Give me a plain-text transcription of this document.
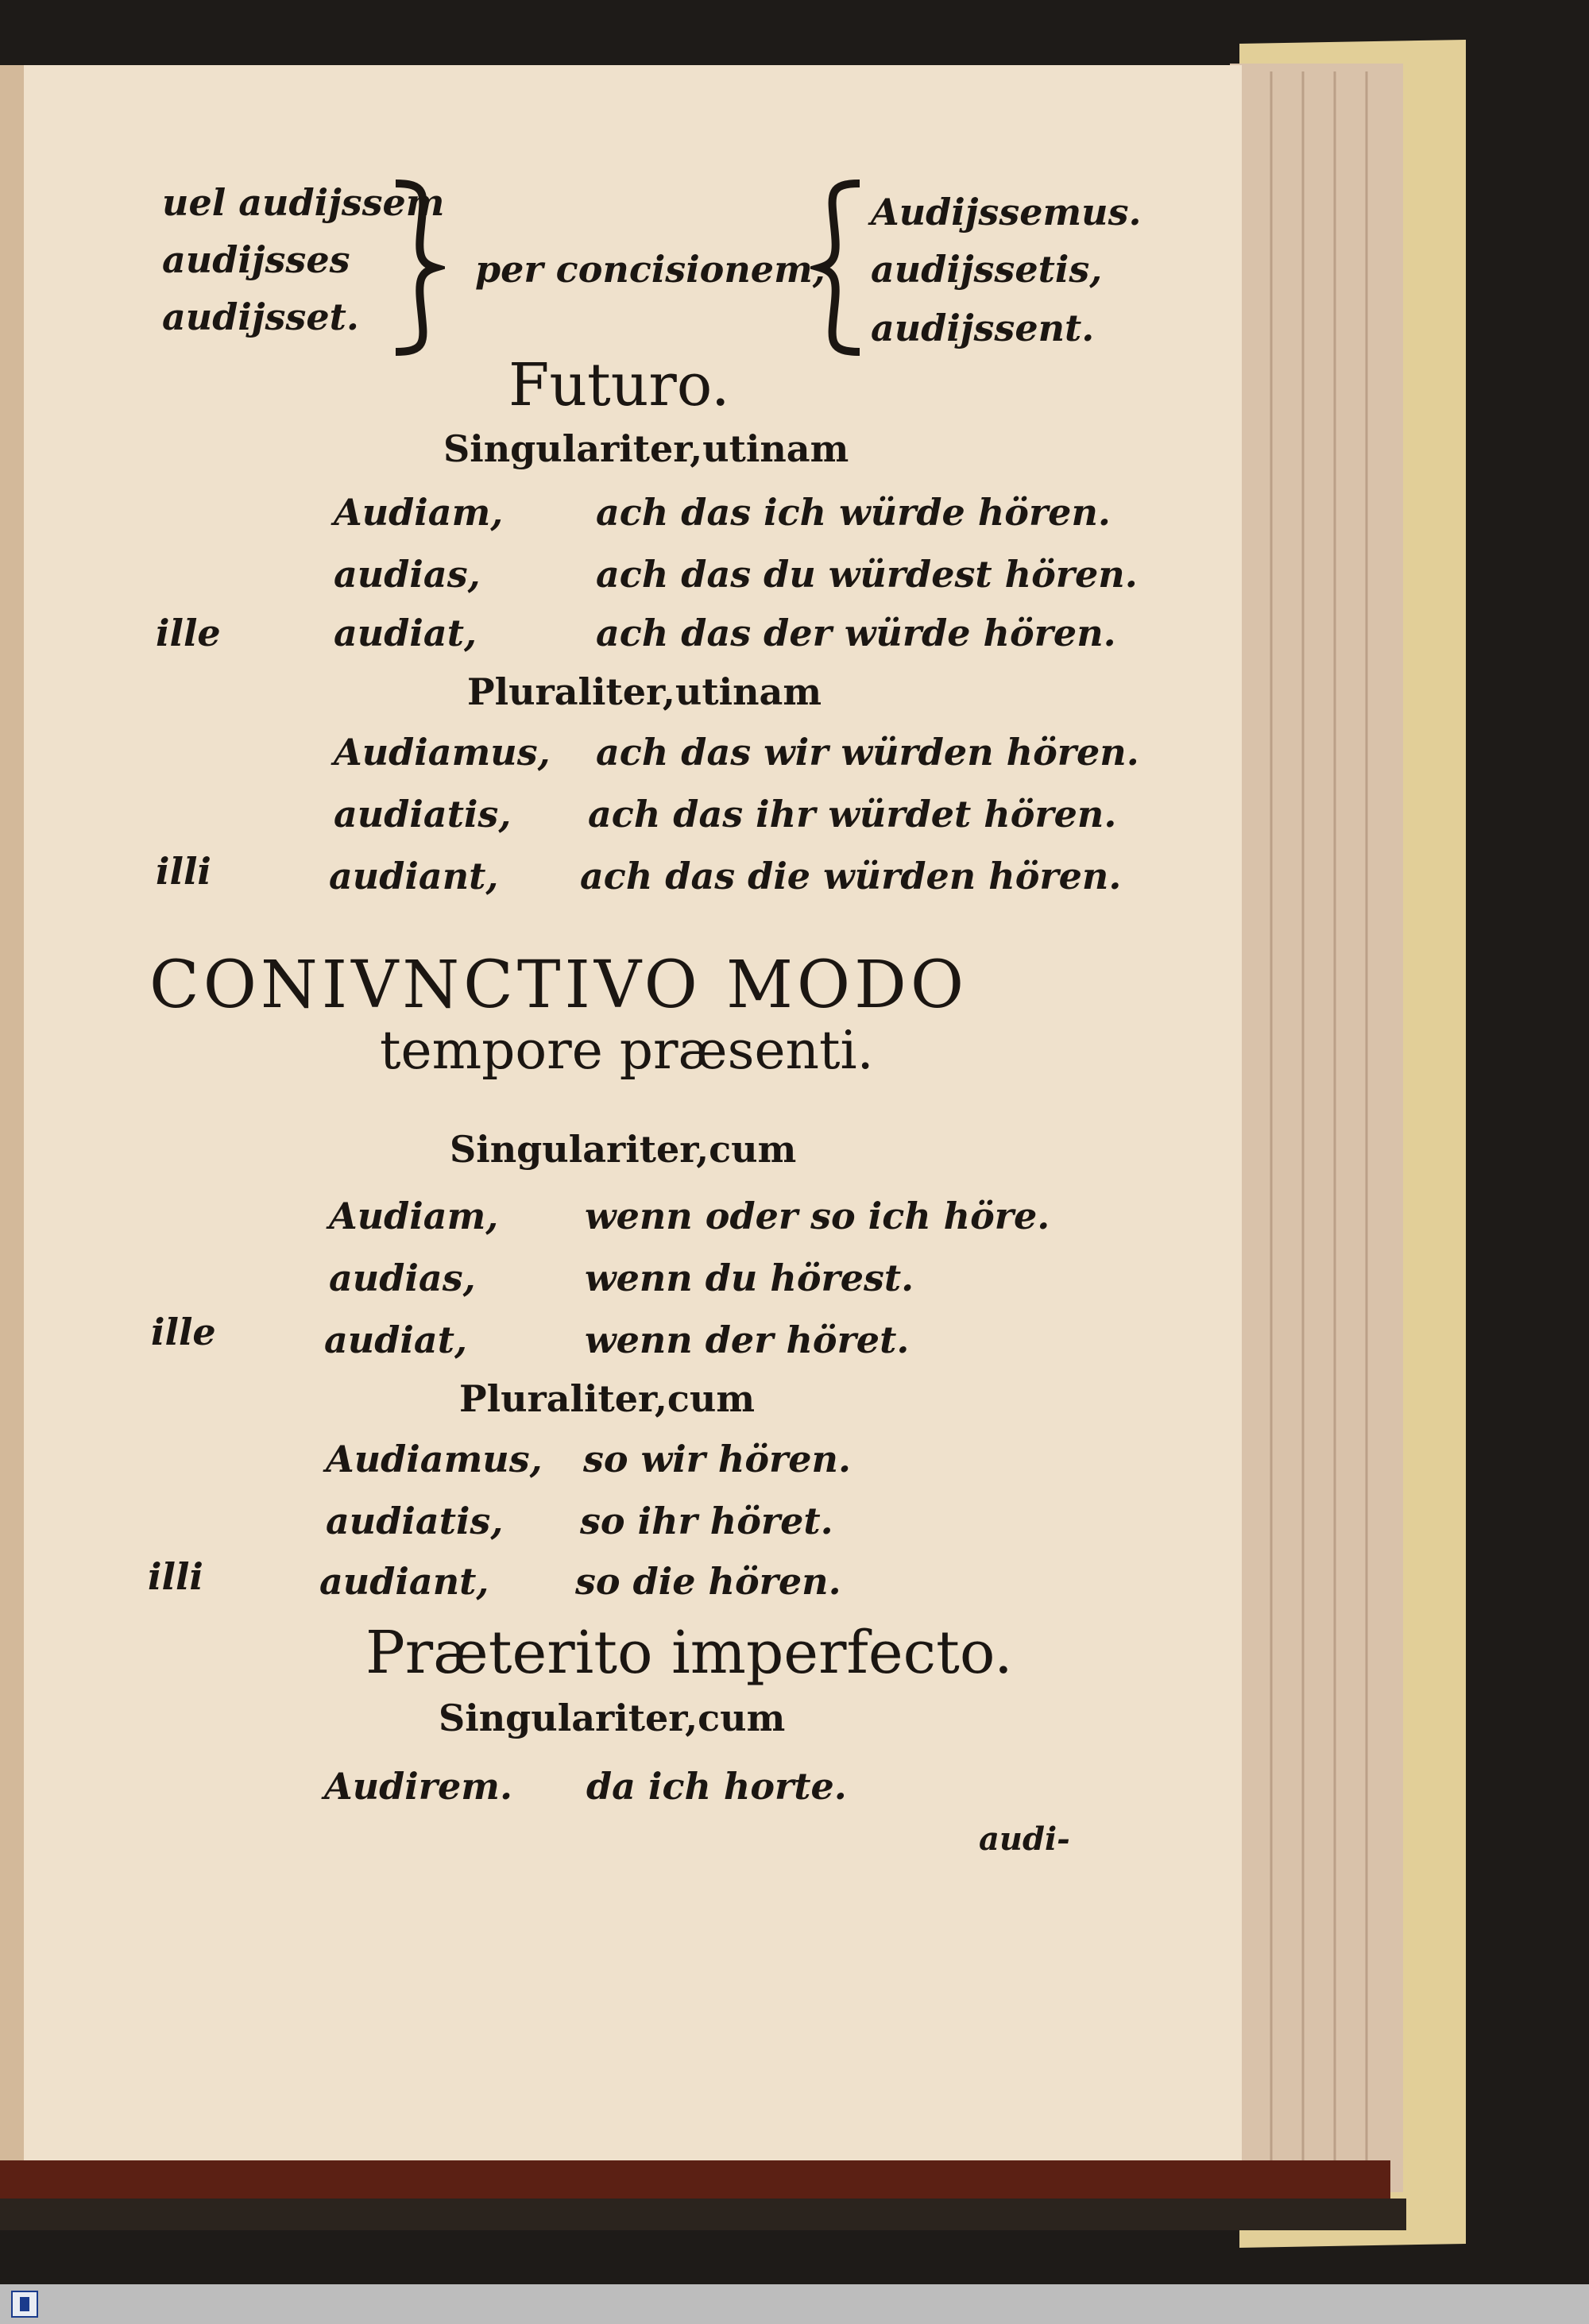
uel audijssem
audijsses
audijsset.
per concisionem,
Audijssemus.
audijssetis,
audijssent.
Futuro.
Singulariter,utinam
Audiam,	ach das ich würde hören.
audias,	ach das du würdest hören.
ille	audiat,	ach das der würde hören.
Pluraliter,utinam
Audiamus, ach das wir würden hören.
audiatis, ach das ihr würdet hören.
illi	audiant, ach das die würden hören.
CONIVNCTIVO MODO
tempore præsenti.
Singulariter,cum
Audiam, wenn oder so ich höre.
audias,	wenn du hörest.
ille	audiat,	wenn der höret.
Pluraliter,cum
Audiamus, so wir hören.
audiatis, so ihr höret.
illi	audiant, so die hören.
Præterito imperfecto.
Singulariter,cum
Audirem. da ich horte.
audi-
